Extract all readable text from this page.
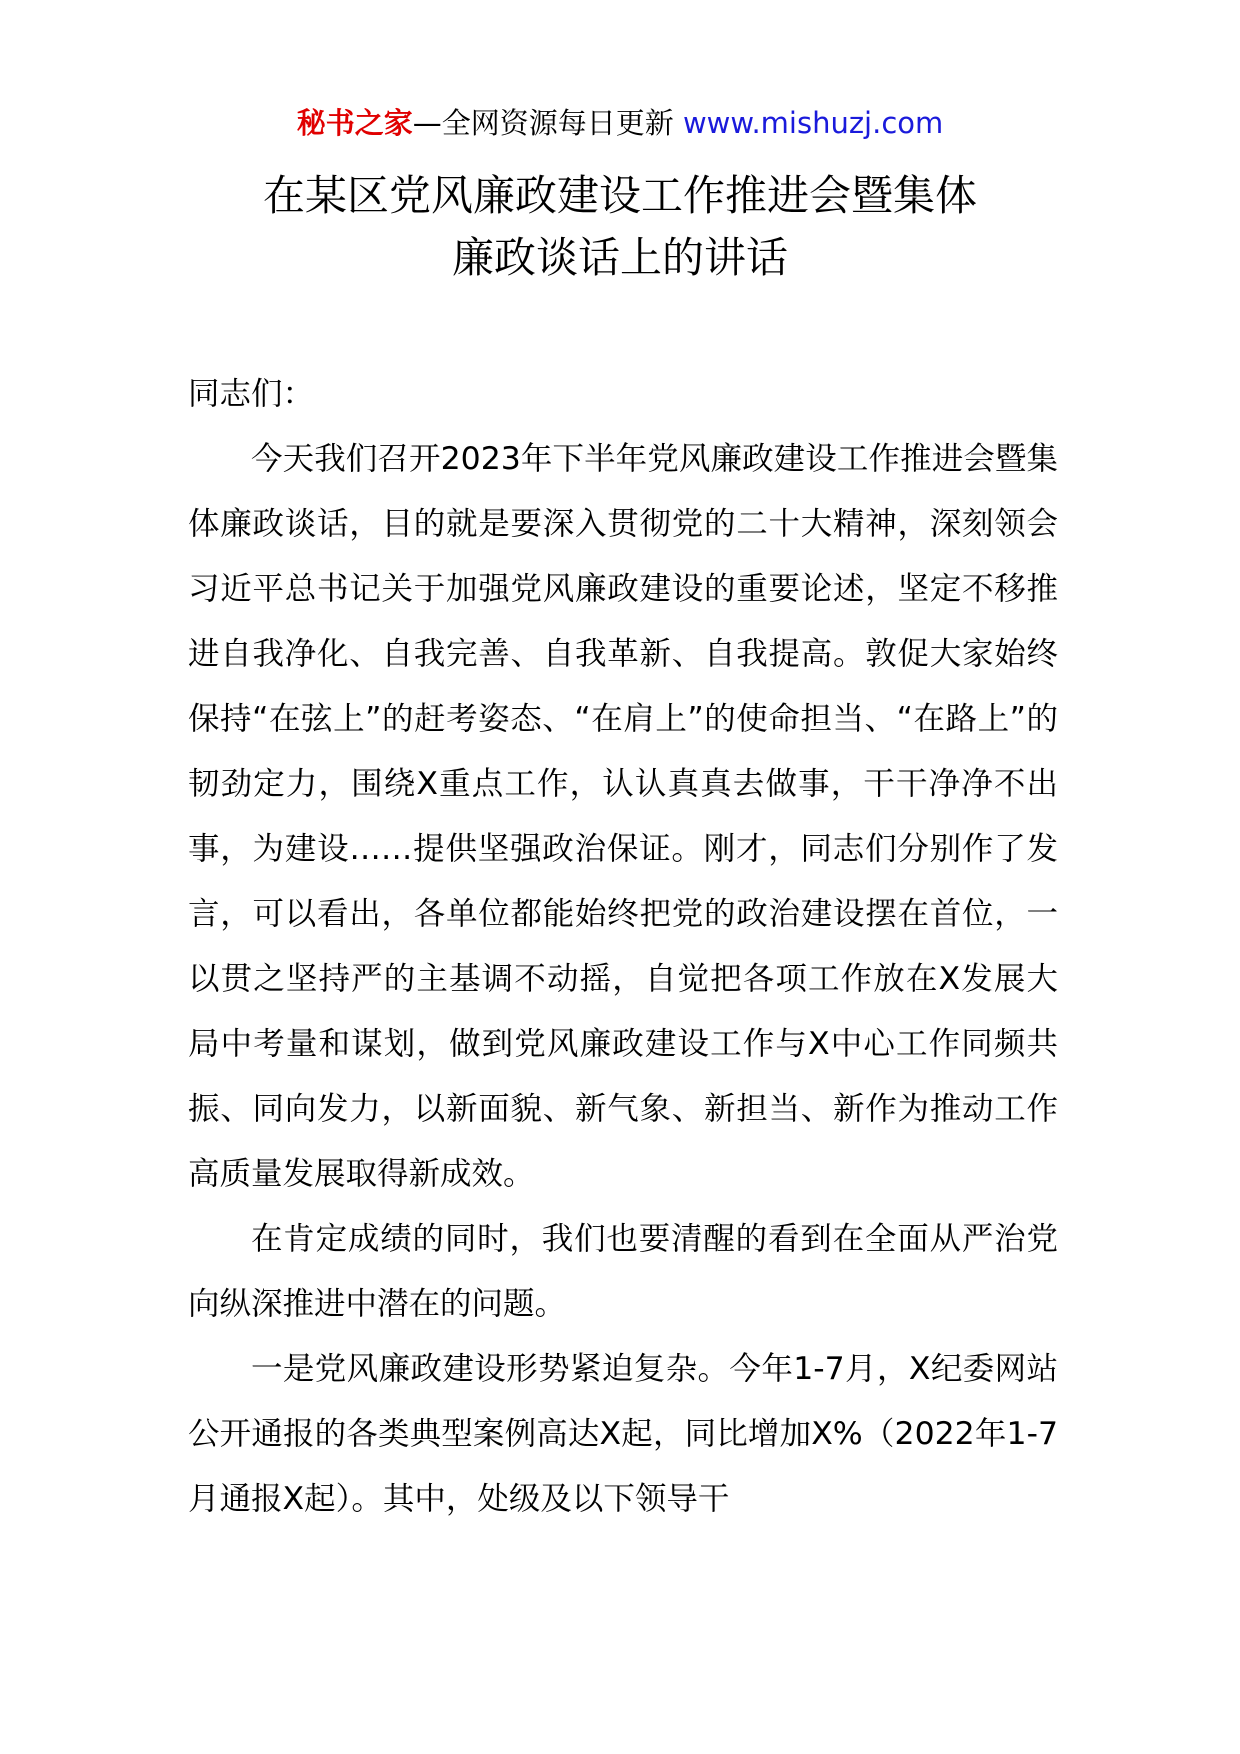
秘书之家—全网资源每日更新 www.mishuzj.com
在某区党风廉政建设工作推进会暨集体
廉政谈话上的讲话

同志们：

今天我们召开2023年下半年党风廉政建设工作推进会暨集体廉政谈话，目的就是要深入贯彻党的二十大精神，深刻领会习近平总书记关于加强党风廉政建设的重要论述，坚定不移推进自我净化、自我完善、自我革新、自我提高。敦促大家始终保持“在弦上”的赶考姿态、“在肩上”的使命担当、“在路上”的韧劲定力，围绕X重点工作，认认真真去做事，干干净净不出事，为建设……提供坚强政治保证。刚才，同志们分别作了发言，可以看出，各单位都能始终把党的政治建设摆在首位，一以贯之坚持严的主基调不动摇，自觉把各项工作放在X发展大局中考量和谋划，做到党风廉政建设工作与X中心工作同频共振、同向发力，以新面貌、新气象、新担当、新作为推动工作高质量发展取得新成效。

在肯定成绩的同时，我们也要清醒的看到在全面从严治党向纵深推进中潜在的问题。

一是党风廉政建设形势紧迫复杂。今年1-7月，X纪委网站公开通报的各类典型案例高达X起，同比增加X%（2022年1-7月通报X起）。其中，处级及以下领导干
